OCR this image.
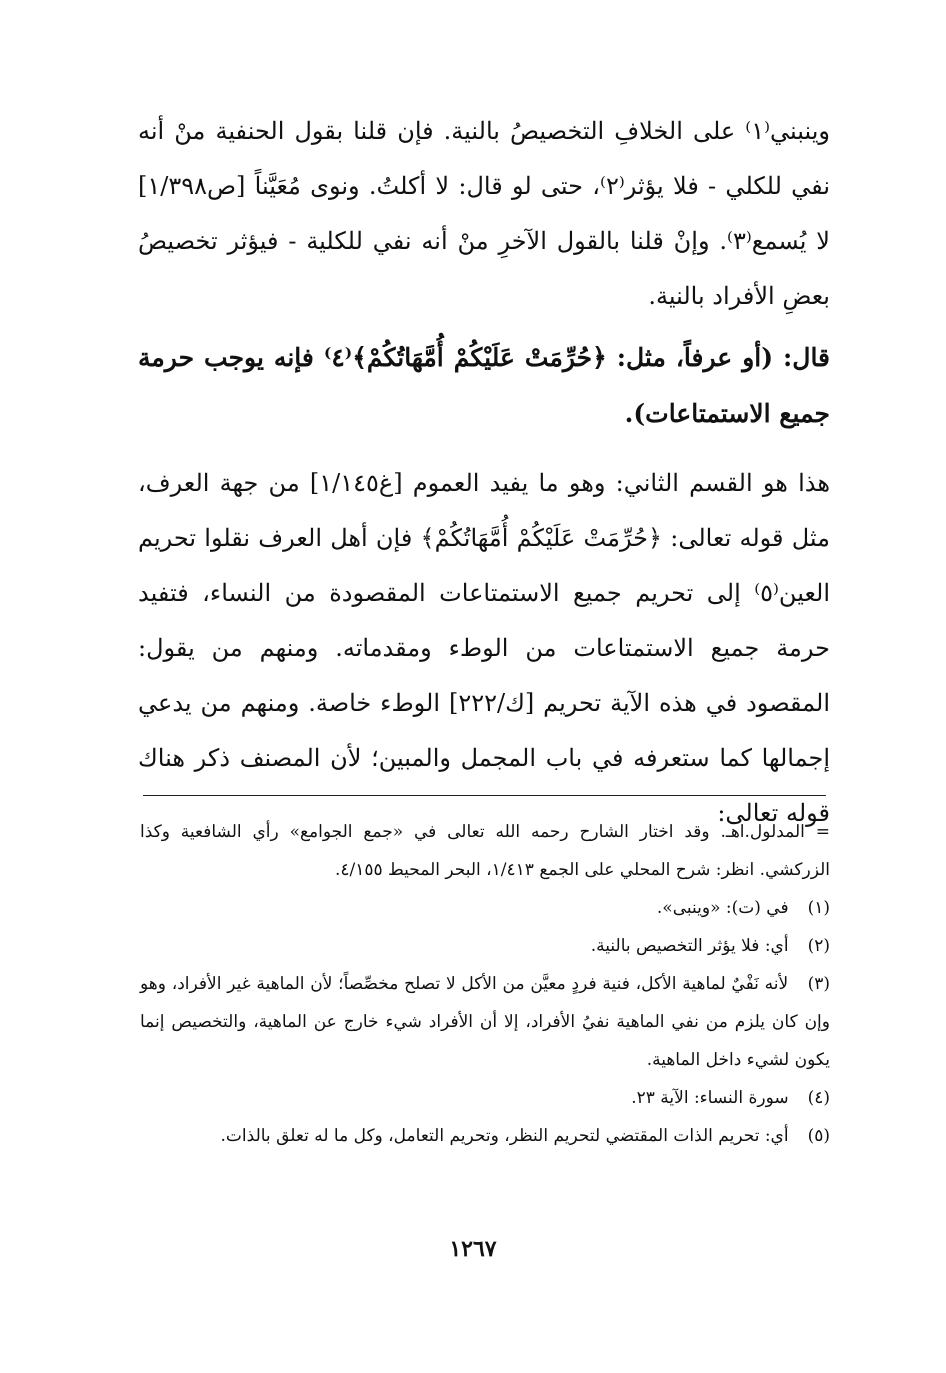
وينبني⁽١⁾ على الخلافِ التخصيصُ بالنية. فإن قلنا بقول الحنفية منْ أنه نفي للكلي - فلا يؤثر⁽٢⁾، حتى لو قال: لا أكلتُ. ونوى مُعَيَّناً [ص١/٣٩٨] لا يُسمع⁽٣⁾. وإنْ قلنا بالقول الآخرِ منْ أنه نفي للكلية - فيؤثر تخصيصُ بعضِ الأفراد بالنية.

قال: (أو عرفاً، مثل: ﴿حُرِّمَتْ عَلَيْكُمْ أُمَّهَاتُكُمْ﴾⁽٤⁾ فإنه يوجب حرمة جميع الاستمتاعات).

هذا هو القسم الثاني: وهو ما يفيد العموم [غ١/١٤٥] من جهة العرف، مثل قوله تعالى: ﴿حُرِّمَتْ عَلَيْكُمْ أُمَّهَاتُكُمْ﴾ فإن أهل العرف نقلوا تحريم العين⁽٥⁾ إلى تحريم جميع الاستمتاعات المقصودة من النساء، فتفيد حرمة جميع الاستمتاعات من الوطء ومقدماته. ومنهم من يقول: المقصود في هذه الآية تحريم [ك/٢٢٢] الوطء خاصة. ومنهم من يدعي إجمالها كما ستعرفه في باب المجمل والمبين؛ لأن المصنف ذكر هناك قوله تعالى:

= المدلول.اهـ. وقد اختار الشارح رحمه الله تعالى في «جمع الجوامع» رأي الشافعية وكذا الزركشي. انظر: شرح المحلي على الجمع ١/٤١٣، البحر المحيط ٤/١٥٥.

(١) في (ت): «وينبى».

(٢) أي: فلا يؤثر التخصيص بالنية.

(٣) لأنه نَفْيٌ لماهية الأكل، فنية فردٍ معيَّن من الأكل لا تصلح مخصِّصاً؛ لأن الماهية غير الأفراد، وهو وإن كان يلزم من نفي الماهية نفيُ الأفراد، إلا أن الأفراد شيء خارج عن الماهية، والتخصيص إنما يكون لشيء داخل الماهية.

(٤) سورة النساء: الآية ٢٣.

(٥) أي: تحريم الذات المقتضي لتحريم النظر، وتحريم التعامل، وكل ما له تعلق بالذات.

١٢٦٧
